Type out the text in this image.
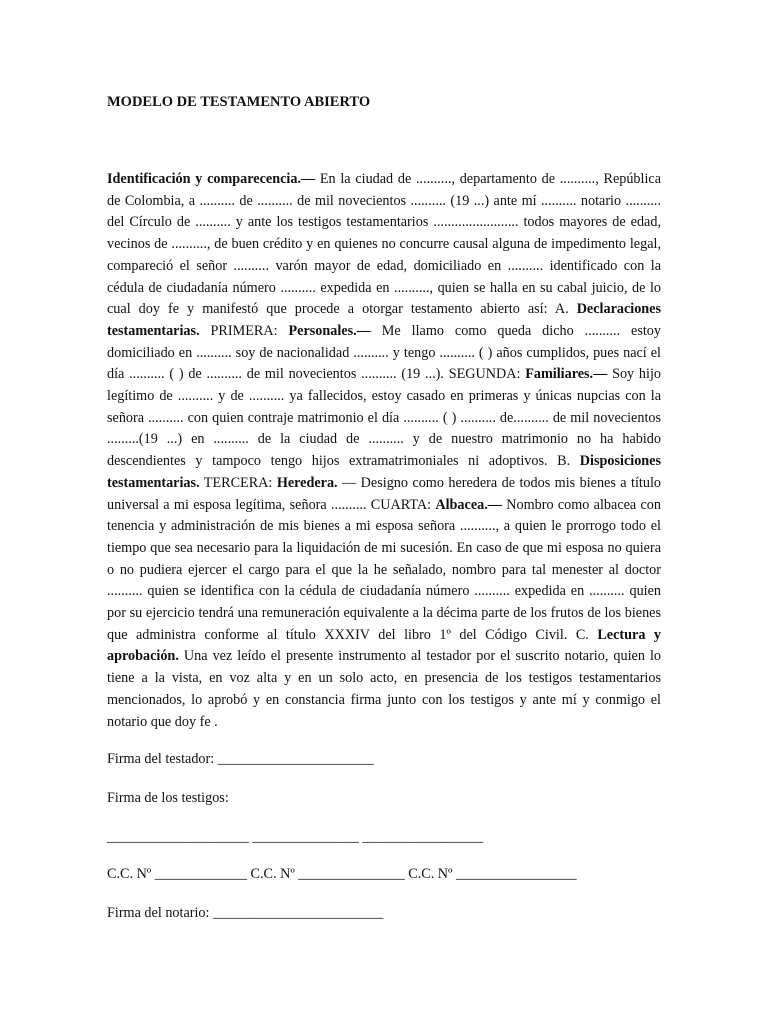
MODELO DE TESTAMENTO ABIERTO
Identificación y comparecencia.— En la ciudad de .........., departamento de .........., República de Colombia, a .......... de .......... de mil novecientos .......... (19 ...) ante mí .......... notario .......... del Círculo de .......... y ante los testigos testamentarios ........................ todos mayores de edad, vecinos de .........., de buen crédito y en quienes no concurre causal alguna de impedimento legal, compareció el señor .......... varón mayor de edad, domiciliado en .......... identificado con la cédula de ciudadanía número .......... expedida en .........., quien se halla en su cabal juicio, de lo cual doy fe y manifestó que procede a otorgar testamento abierto así: A. Declaraciones testamentarias. PRIMERA: Personales.— Me llamo como queda dicho .......... estoy domiciliado en .......... soy de nacionalidad .......... y tengo .......... ( ) años cumplidos, pues nací el día .......... ( ) de .......... de mil novecientos .......... (19 ...). SEGUNDA: Familiares.— Soy hijo legítimo de .......... y de .......... ya fallecidos, estoy casado en primeras y únicas nupcias con la señora .......... con quien contraje matrimonio el día .......... ( ) .......... de.......... de mil novecientos .........(19 ...) en .......... de la ciudad de .......... y de nuestro matrimonio no ha habido descendientes y tampoco tengo hijos extramatrimoniales ni adoptivos. B. Disposiciones testamentarias. TERCERA: Heredera. — Designo como heredera de todos mis bienes a título universal a mi esposa legítima, señora .......... CUARTA: Albacea.— Nombro como albacea con tenencia y administración de mis bienes a mi esposa señora .........., a quien le prorrogo todo el tiempo que sea necesario para la liquidación de mi sucesión. En caso de que mi esposa no quiera o no pudiera ejercer el cargo para el que la he señalado, nombro para tal menester al doctor .......... quien se identifica con la cédula de ciudadanía número .......... expedida en .......... quien por su ejercicio tendrá una remuneración equivalente a la décima parte de los frutos de los bienes que administra conforme al título XXXIV del libro 1º del Código Civil. C. Lectura y aprobación. Una vez leído el presente instrumento al testador por el suscrito notario, quien lo tiene a la vista, en voz alta y en un solo acto, en presencia de los testigos testamentarios mencionados, lo aprobó y en constancia firma junto con los testigos y ante mí y conmigo el notario que doy fe .
Firma del testador: ______________________
Firma de los testigos:
____________________ _______________ _________________
C.C. Nº _____________ C.C. Nº _______________ C.C. Nº _________________
Firma del notario: ________________________
